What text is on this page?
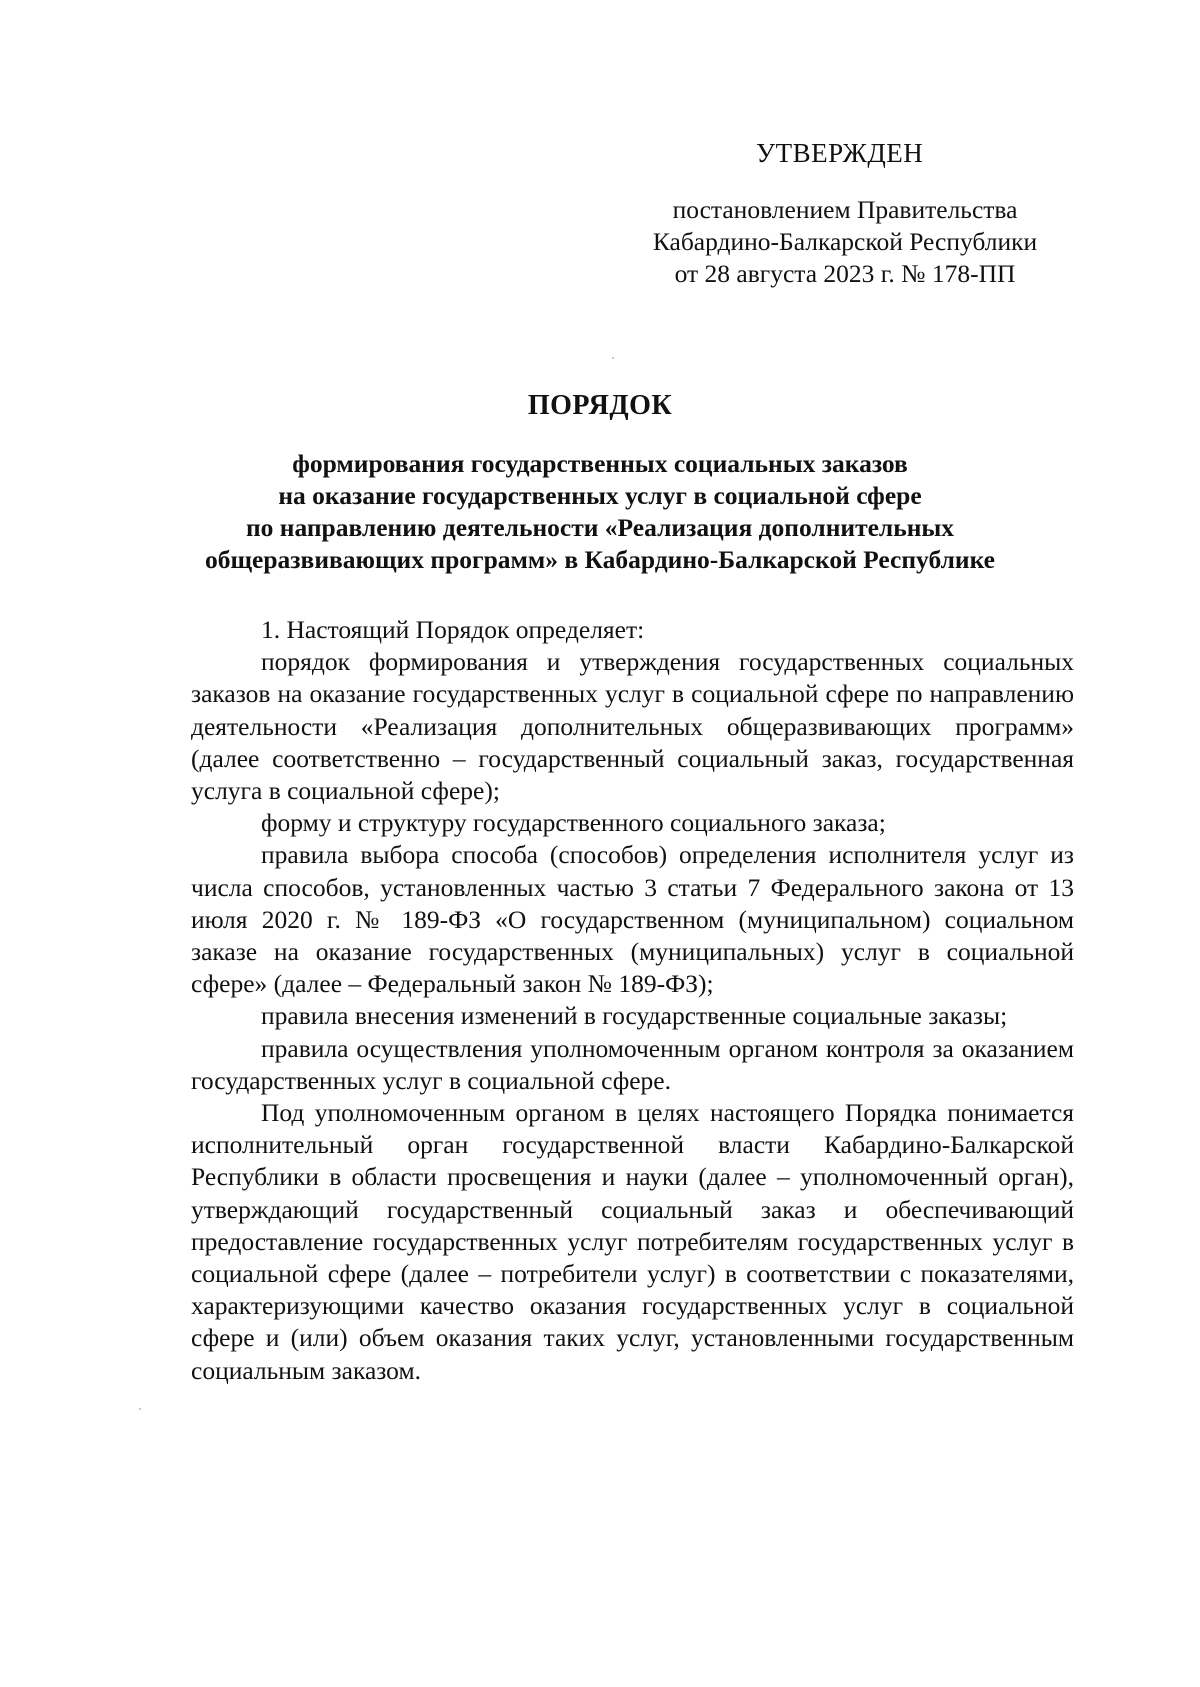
УТВЕРЖДЕН
постановлением Правительства
Кабардино-Балкарской Республики
от 28 августа 2023 г. № 178-ПП
ПОРЯДОК
формирования государственных социальных заказов
на оказание государственных услуг в социальной сфере
по направлению деятельности «Реализация дополнительных
общеразвивающих программ» в Кабардино-Балкарской Республике

1. Настоящий Порядок определяет:

порядок формирования и утверждения государственных социальных заказов на оказание государственных услуг в социальной сфере по направлению деятельности «Реализация дополнительных общеразвивающих программ» (далее соответственно – государственный социальный заказ, государственная услуга в социальной сфере);

форму и структуру государственного социального заказа;

правила выбора способа (способов) определения исполнителя услуг из числа способов, установленных частью 3 статьи 7 Федерального закона от 13 июля 2020 г. № 189-ФЗ «О государственном (муниципальном) социальном заказе на оказание государственных (муниципальных) услуг в социальной сфере» (далее – Федеральный закон № 189-ФЗ);

правила внесения изменений в государственные социальные заказы;

правила осуществления уполномоченным органом контроля за оказанием государственных услуг в социальной сфере.

Под уполномоченным органом в целях настоящего Порядка понимается исполнительный орган государственной власти Кабардино-Балкарской Республики в области просвещения и науки (далее – уполномоченный орган), утверждающий государственный социальный заказ и обеспечивающий предоставление государственных услуг потребителям государственных услуг в социальной сфере (далее – потребители услуг) в соответствии с показателями, характеризующими качество оказания государственных услуг в социальной сфере и (или) объем оказания таких услуг, установленными государственным социальным заказом.
